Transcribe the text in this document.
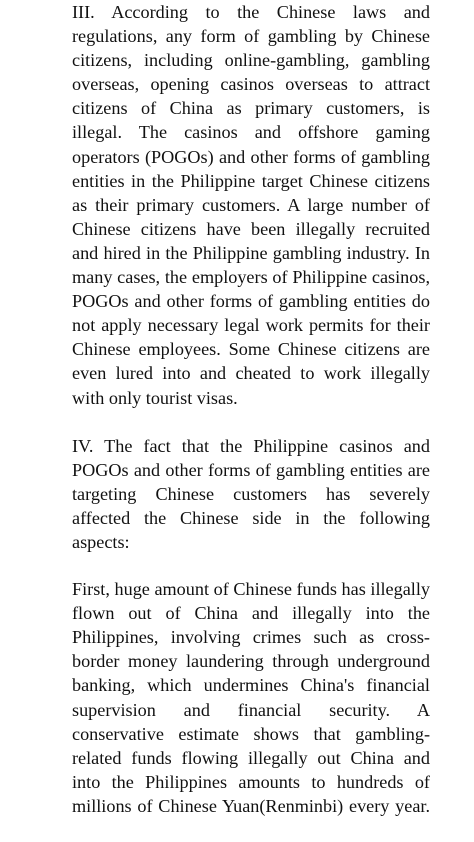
III. According to the Chinese laws and regulations, any form of gambling by Chinese citizens, including online-gambling, gambling overseas, opening casinos overseas to attract citizens of China as primary customers, is illegal. The casinos and offshore gaming operators (POGOs) and other forms of gambling entities in the Philippine target Chinese citizens as their primary customers. A large number of Chinese citizens have been illegally recruited and hired in the Philippine gambling industry. In many cases, the employers of Philippine casinos, POGOs and other forms of gambling entities do not apply necessary legal work permits for their Chinese employees. Some Chinese citizens are even lured into and cheated to work illegally with only tourist visas.

IV. The fact that the Philippine casinos and POGOs and other forms of gambling entities are targeting Chinese customers has severely affected the Chinese side in the following aspects:

First, huge amount of Chinese funds has illegally flown out of China and illegally into the Philippines, involving crimes such as cross-border money laundering through underground banking, which undermines China's financial supervision and financial security. A conservative estimate shows that gambling-related funds flowing illegally out China and into the Philippines amounts to hundreds of millions of Chinese Yuan(Renminbi) every year.
